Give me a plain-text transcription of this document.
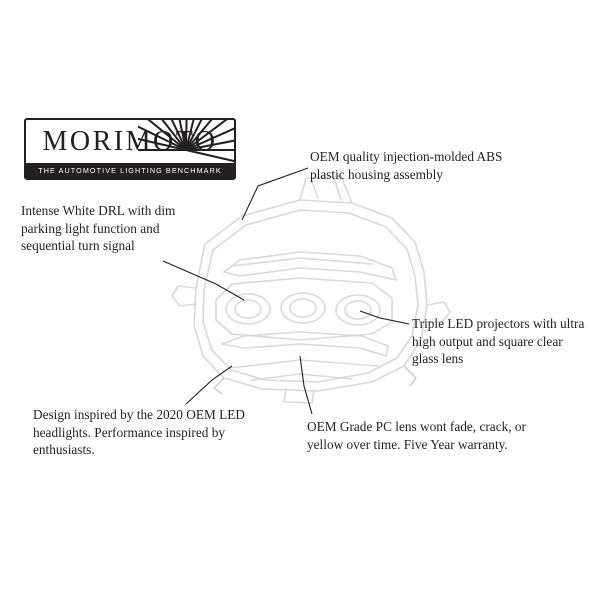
MORIMOTO
THE AUTOMOTIVE LIGHTING BENCHMARK
OEM quality injection-molded ABS plastic housing assembly
Intense White DRL with dim parking light function and sequential turn signal
Triple LED projectors with ultra high output and square clear glass lens
Design inspired by the 2020 OEM LED headlights. Performance inspired by enthusiasts.
OEM Grade PC lens wont fade, crack, or yellow over time. Five Year warranty.
